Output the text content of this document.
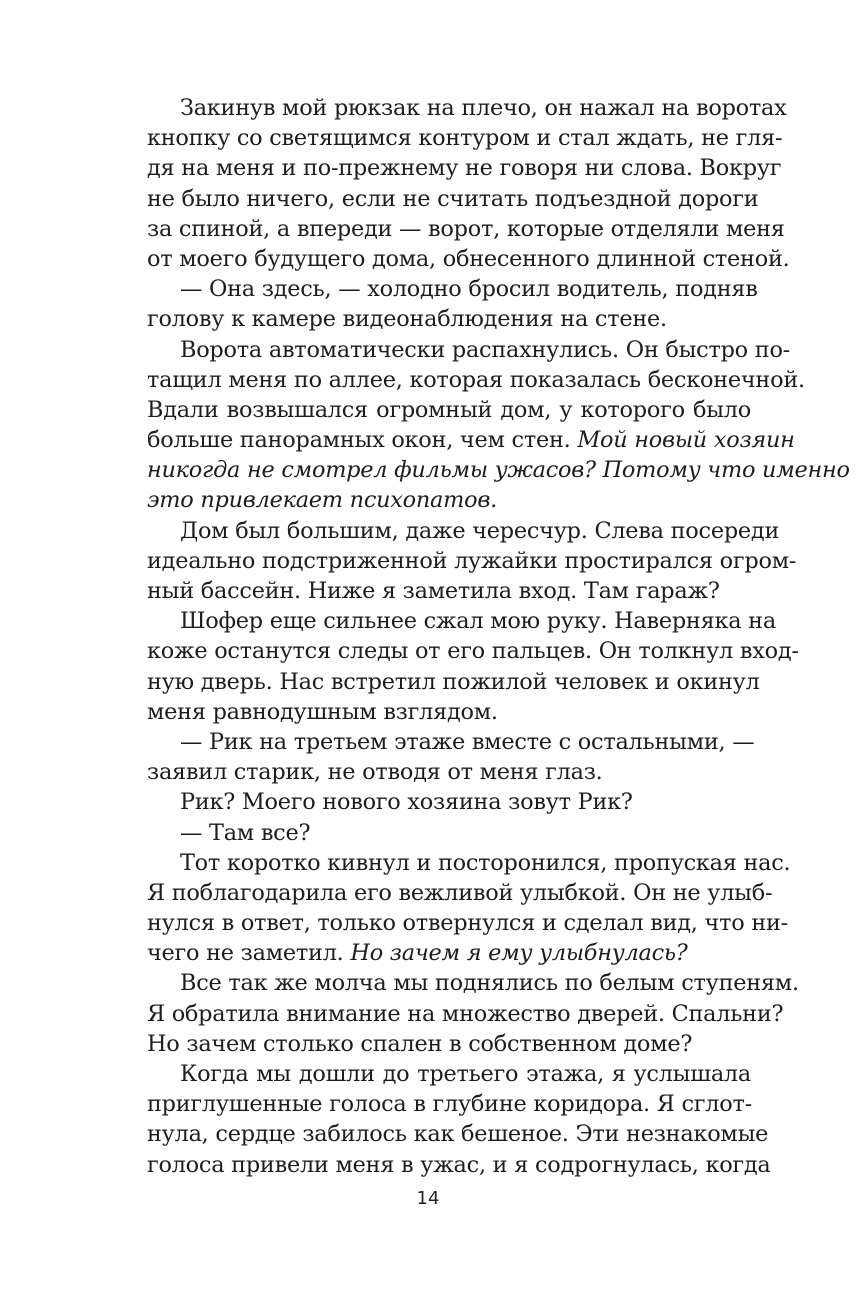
Закинув мой рюкзак на плечо, он нажал на воротах
кнопку со светящимся контуром и стал ждать, не гля-
дя на меня и по-прежнему не говоря ни слова. Вокруг
не было ничего, если не считать подъездной дороги
за спиной, а впереди — ворот, которые отделяли меня
от моего будущего дома, обнесенного длинной стеной.
— Она здесь, — холодно бросил водитель, подняв
голову к камере видеонаблюдения на стене.
Ворота автоматически распахнулись. Он быстро по-
тащил меня по аллее, которая показалась бесконечной.
Вдали возвышался огромный дом, у которого было
больше панорамных окон, чем стен. Мой новый хозяин
никогда не смотрел фильмы ужасов? Потому что именно
это привлекает психопатов.
Дом был большим, даже чересчур. Слева посереди
идеально подстриженной лужайки простирался огром-
ный бассейн. Ниже я заметила вход. Там гараж?
Шофер еще сильнее сжал мою руку. Наверняка на
коже останутся следы от его пальцев. Он толкнул вход-
ную дверь. Нас встретил пожилой человек и окинул
меня равнодушным взглядом.
— Рик на третьем этаже вместе с остальными, —
заявил старик, не отводя от меня глаз.
Рик? Моего нового хозяина зовут Рик?
— Там все?
Тот коротко кивнул и посторонился, пропуская нас.
Я поблагодарила его вежливой улыбкой. Он не улыб-
нулся в ответ, только отвернулся и сделал вид, что ни-
чего не заметил. Но зачем я ему улыбнулась?
Все так же молча мы поднялись по белым ступеням.
Я обратила внимание на множество дверей. Спальни?
Но зачем столько спален в собственном доме?
Когда мы дошли до третьего этажа, я услышала
приглушенные голоса в глубине коридора. Я сглот-
нула, сердце забилось как бешеное. Эти незнакомые
голоса привели меня в ужас, и я содрогнулась, когда
14
